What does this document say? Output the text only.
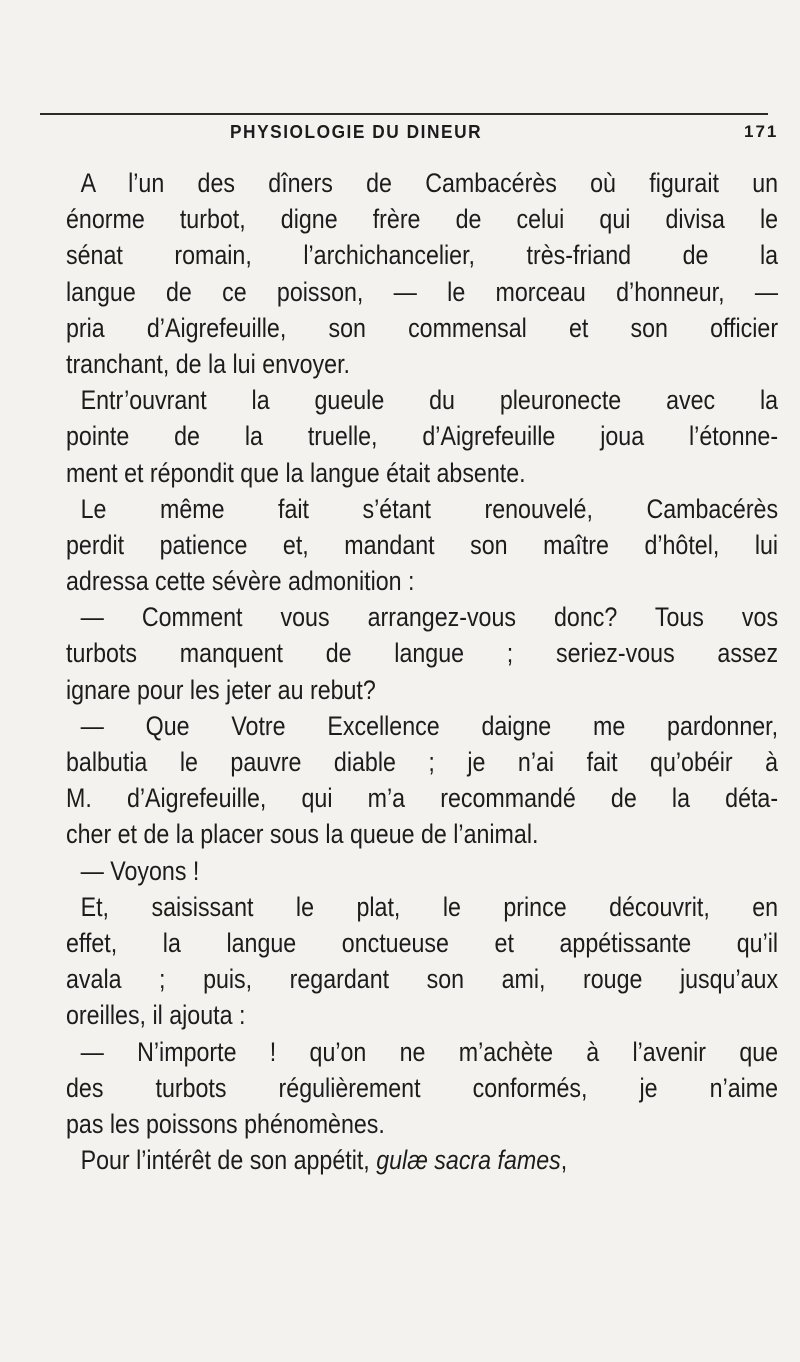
PHYSIOLOGIE DU DINEUR	171
A l’un des dîners de Cambacérès où figurait un
énorme turbot, digne frère de celui qui divisa le
sénat romain, l’archichancelier, très-friand de la
langue de ce poisson, — le morceau d’honneur, —
pria d’Aigrefeuille, son commensal et son officier
tranchant, de la lui envoyer.
Entr’ouvrant la gueule du pleuronecte avec la
pointe de la truelle, d’Aigrefeuille joua l’étonne-
ment et répondit que la langue était absente.
Le même fait s’étant renouvelé, Cambacérès
perdit patience et, mandant son maître d’hôtel, lui
adressa cette sévère admonition :
— Comment vous arrangez-vous donc? Tous vos
turbots manquent de langue ; seriez-vous assez
ignare pour les jeter au rebut?
— Que Votre Excellence daigne me pardonner,
balbutia le pauvre diable ; je n’ai fait qu’obéir à
M. d’Aigrefeuille, qui m’a recommandé de la déta-
cher et de la placer sous la queue de l’animal.
— Voyons !
Et, saisissant le plat, le prince découvrit, en
effet, la langue onctueuse et appétissante qu’il
avala ; puis, regardant son ami, rouge jusqu’aux
oreilles, il ajouta :
— N’importe ! qu’on ne m’achète à l’avenir que
des turbots régulièrement conformés, je n’aime
pas les poissons phénomènes.
Pour l’intérêt de son appétit, gulæ sacra fames,
